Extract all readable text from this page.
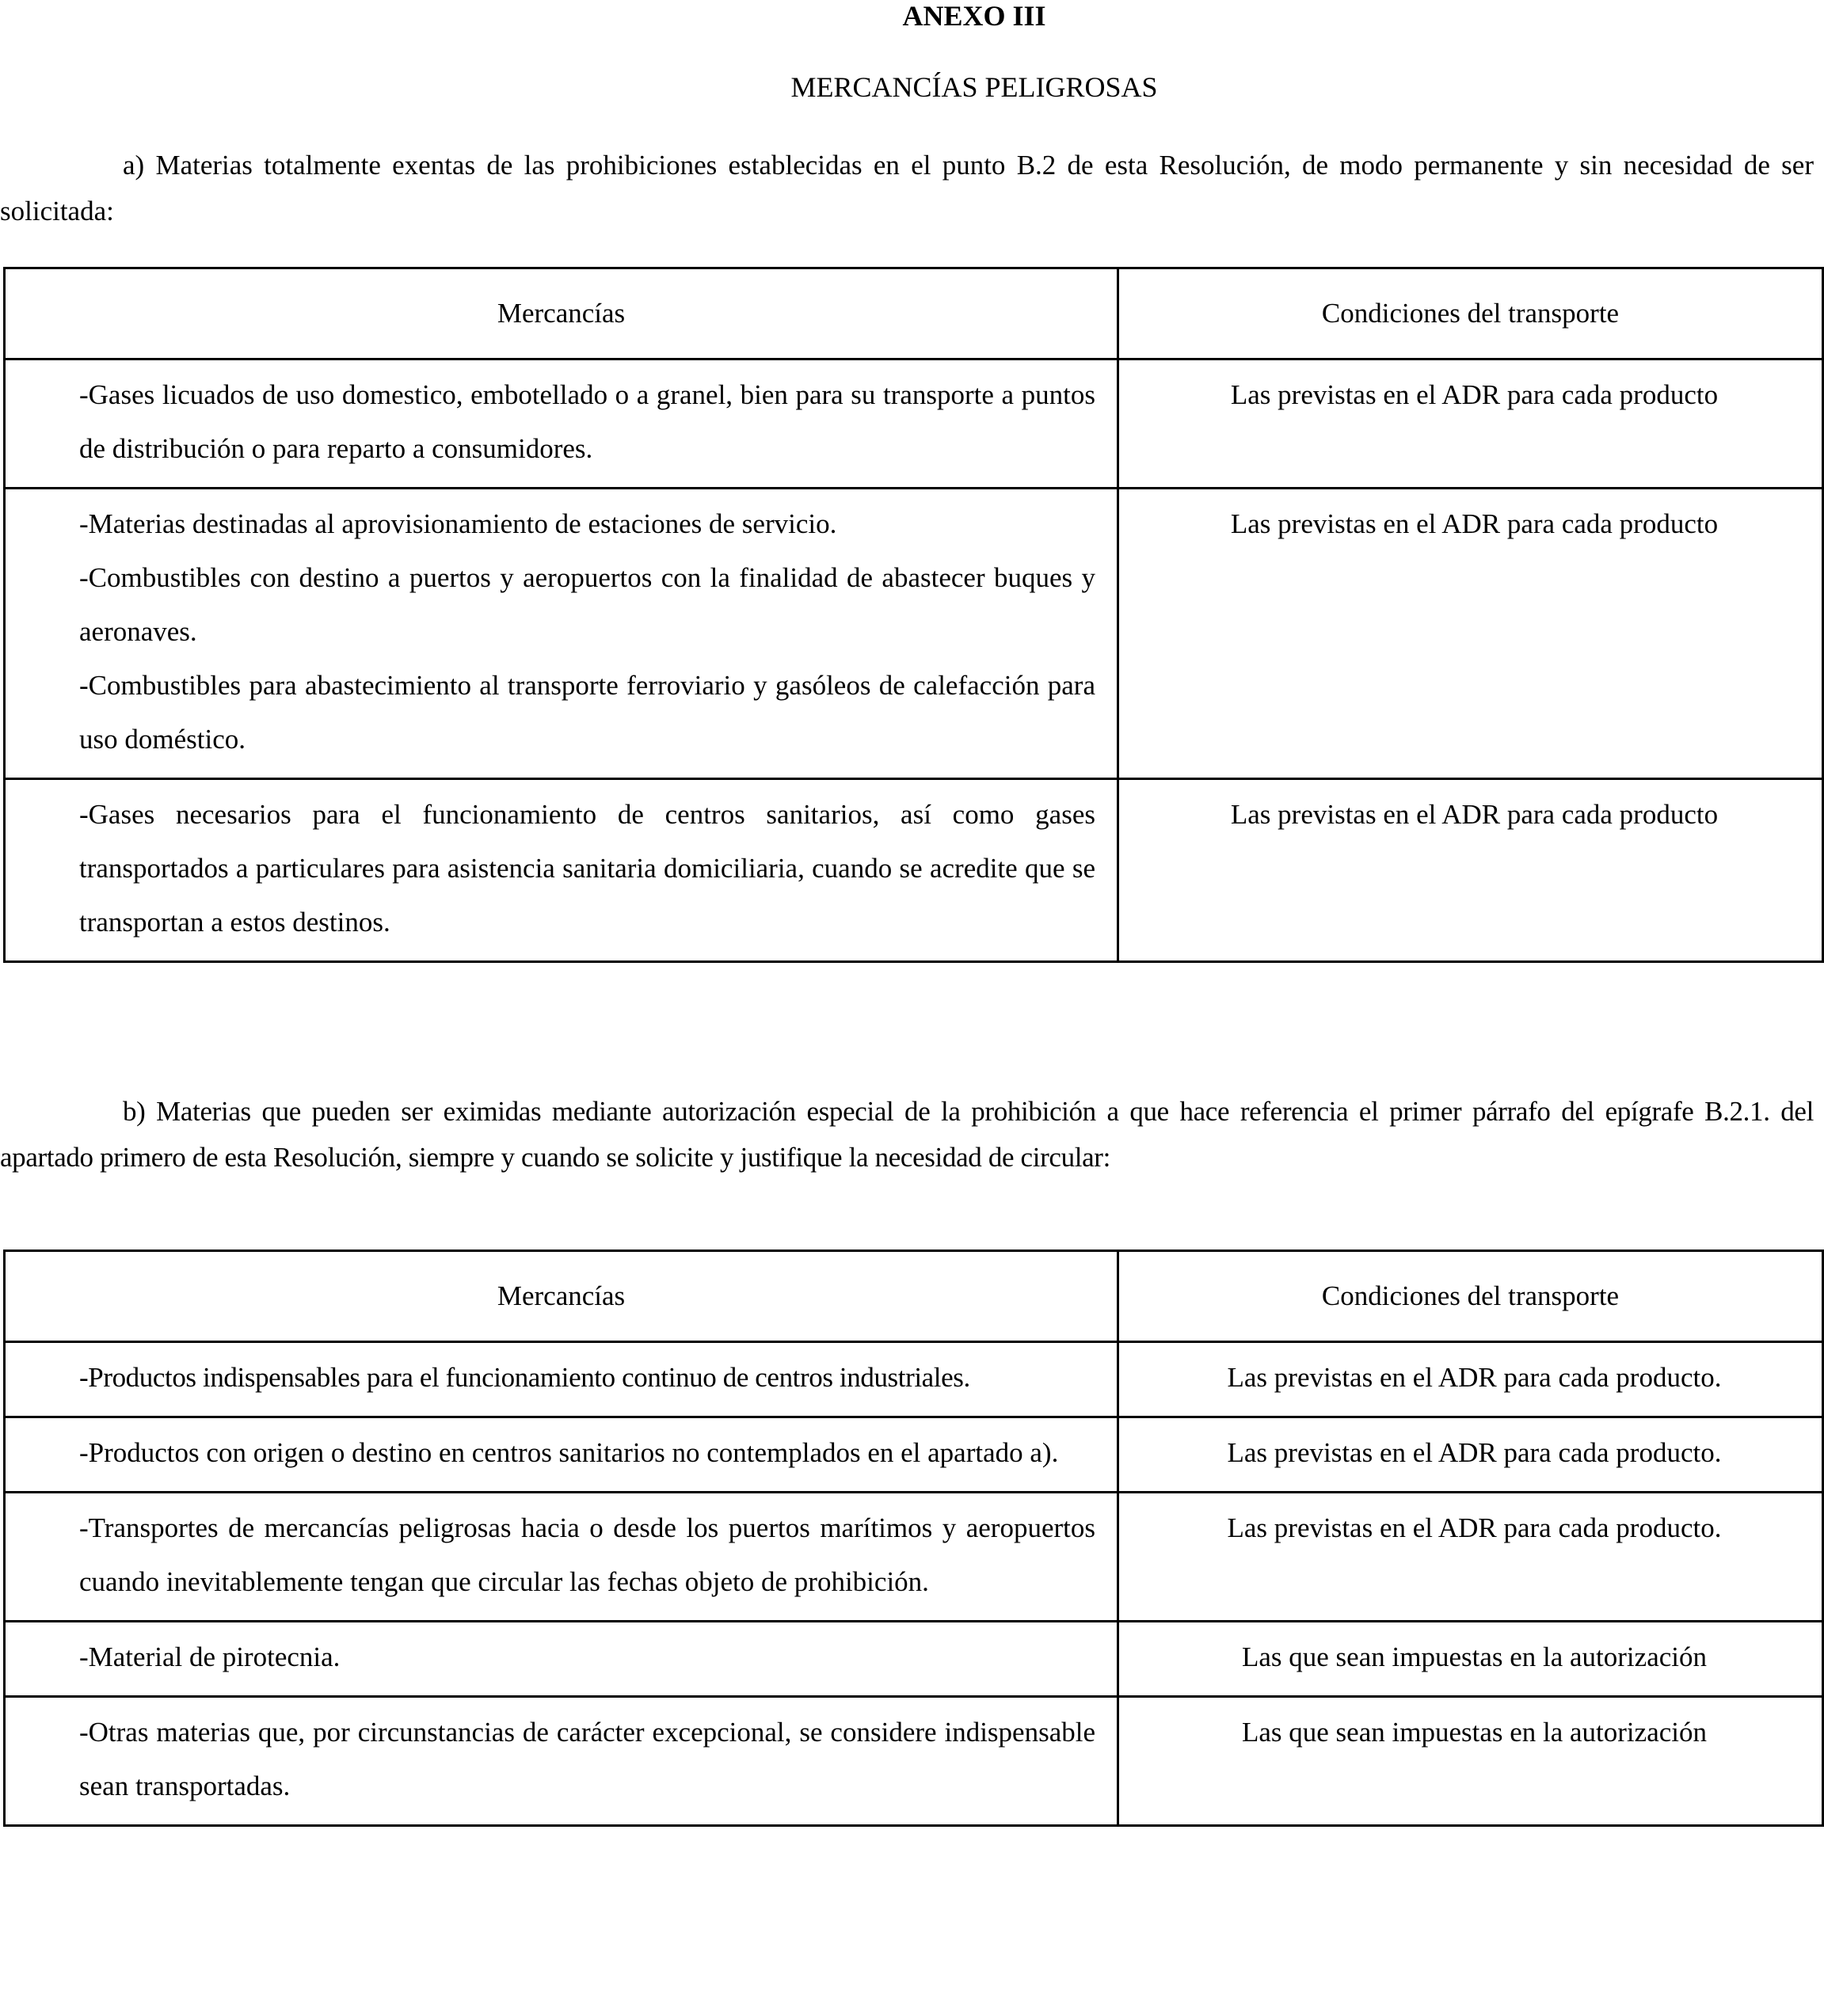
ANEXO III
MERCANCÍAS PELIGROSAS
a) Materias totalmente exentas de las prohibiciones establecidas en el punto B.2 de esta Resolución, de modo permanente y sin necesidad de ser solicitada:
Mercancías	Condiciones del transporte

-Gases licuados de uso domestico, embotellado o a granel, bien para su transporte a puntos de distribución o para reparto a consumidores.	Las previstas en el ADR para cada producto

-Materias destinadas al aprovisionamiento de estaciones de servicio.
-Combustibles con destino a puertos y aeropuertos con la finalidad de abastecer buques y aeronaves.
-Combustibles para abastecimiento al transporte ferroviario y gasóleos de calefacción para uso doméstico.	Las previstas en el ADR para cada producto

-Gases necesarios para el funcionamiento de centros sanitarios, así como gases transportados a particulares para asistencia sanitaria domiciliaria, cuando se acredite que se transportan a estos destinos.	Las previstas en el ADR para cada producto
b) Materias que pueden ser eximidas mediante autorización especial de la prohibición a que hace referencia el primer párrafo del epígrafe B.2.1. del apartado primero de esta Resolución, siempre y cuando se solicite y justifique la necesidad de circular:
Mercancías	Condiciones del transporte

-Productos indispensables para el funcionamiento continuo de centros industriales.	Las previstas en el ADR para cada producto.

-Productos con origen o destino en centros sanitarios no contemplados en el apartado a).	Las previstas en el ADR para cada producto.

-Transportes de mercancías peligrosas hacia o desde los puertos marítimos y aeropuertos cuando inevitablemente tengan que circular las fechas objeto de prohibición.	Las previstas en el ADR para cada producto.

-Material de pirotecnia.	Las que sean impuestas en la autorización

-Otras materias que, por circunstancias de carácter excepcional, se considere indispensable sean transportadas.	Las que sean impuestas en la autorización
